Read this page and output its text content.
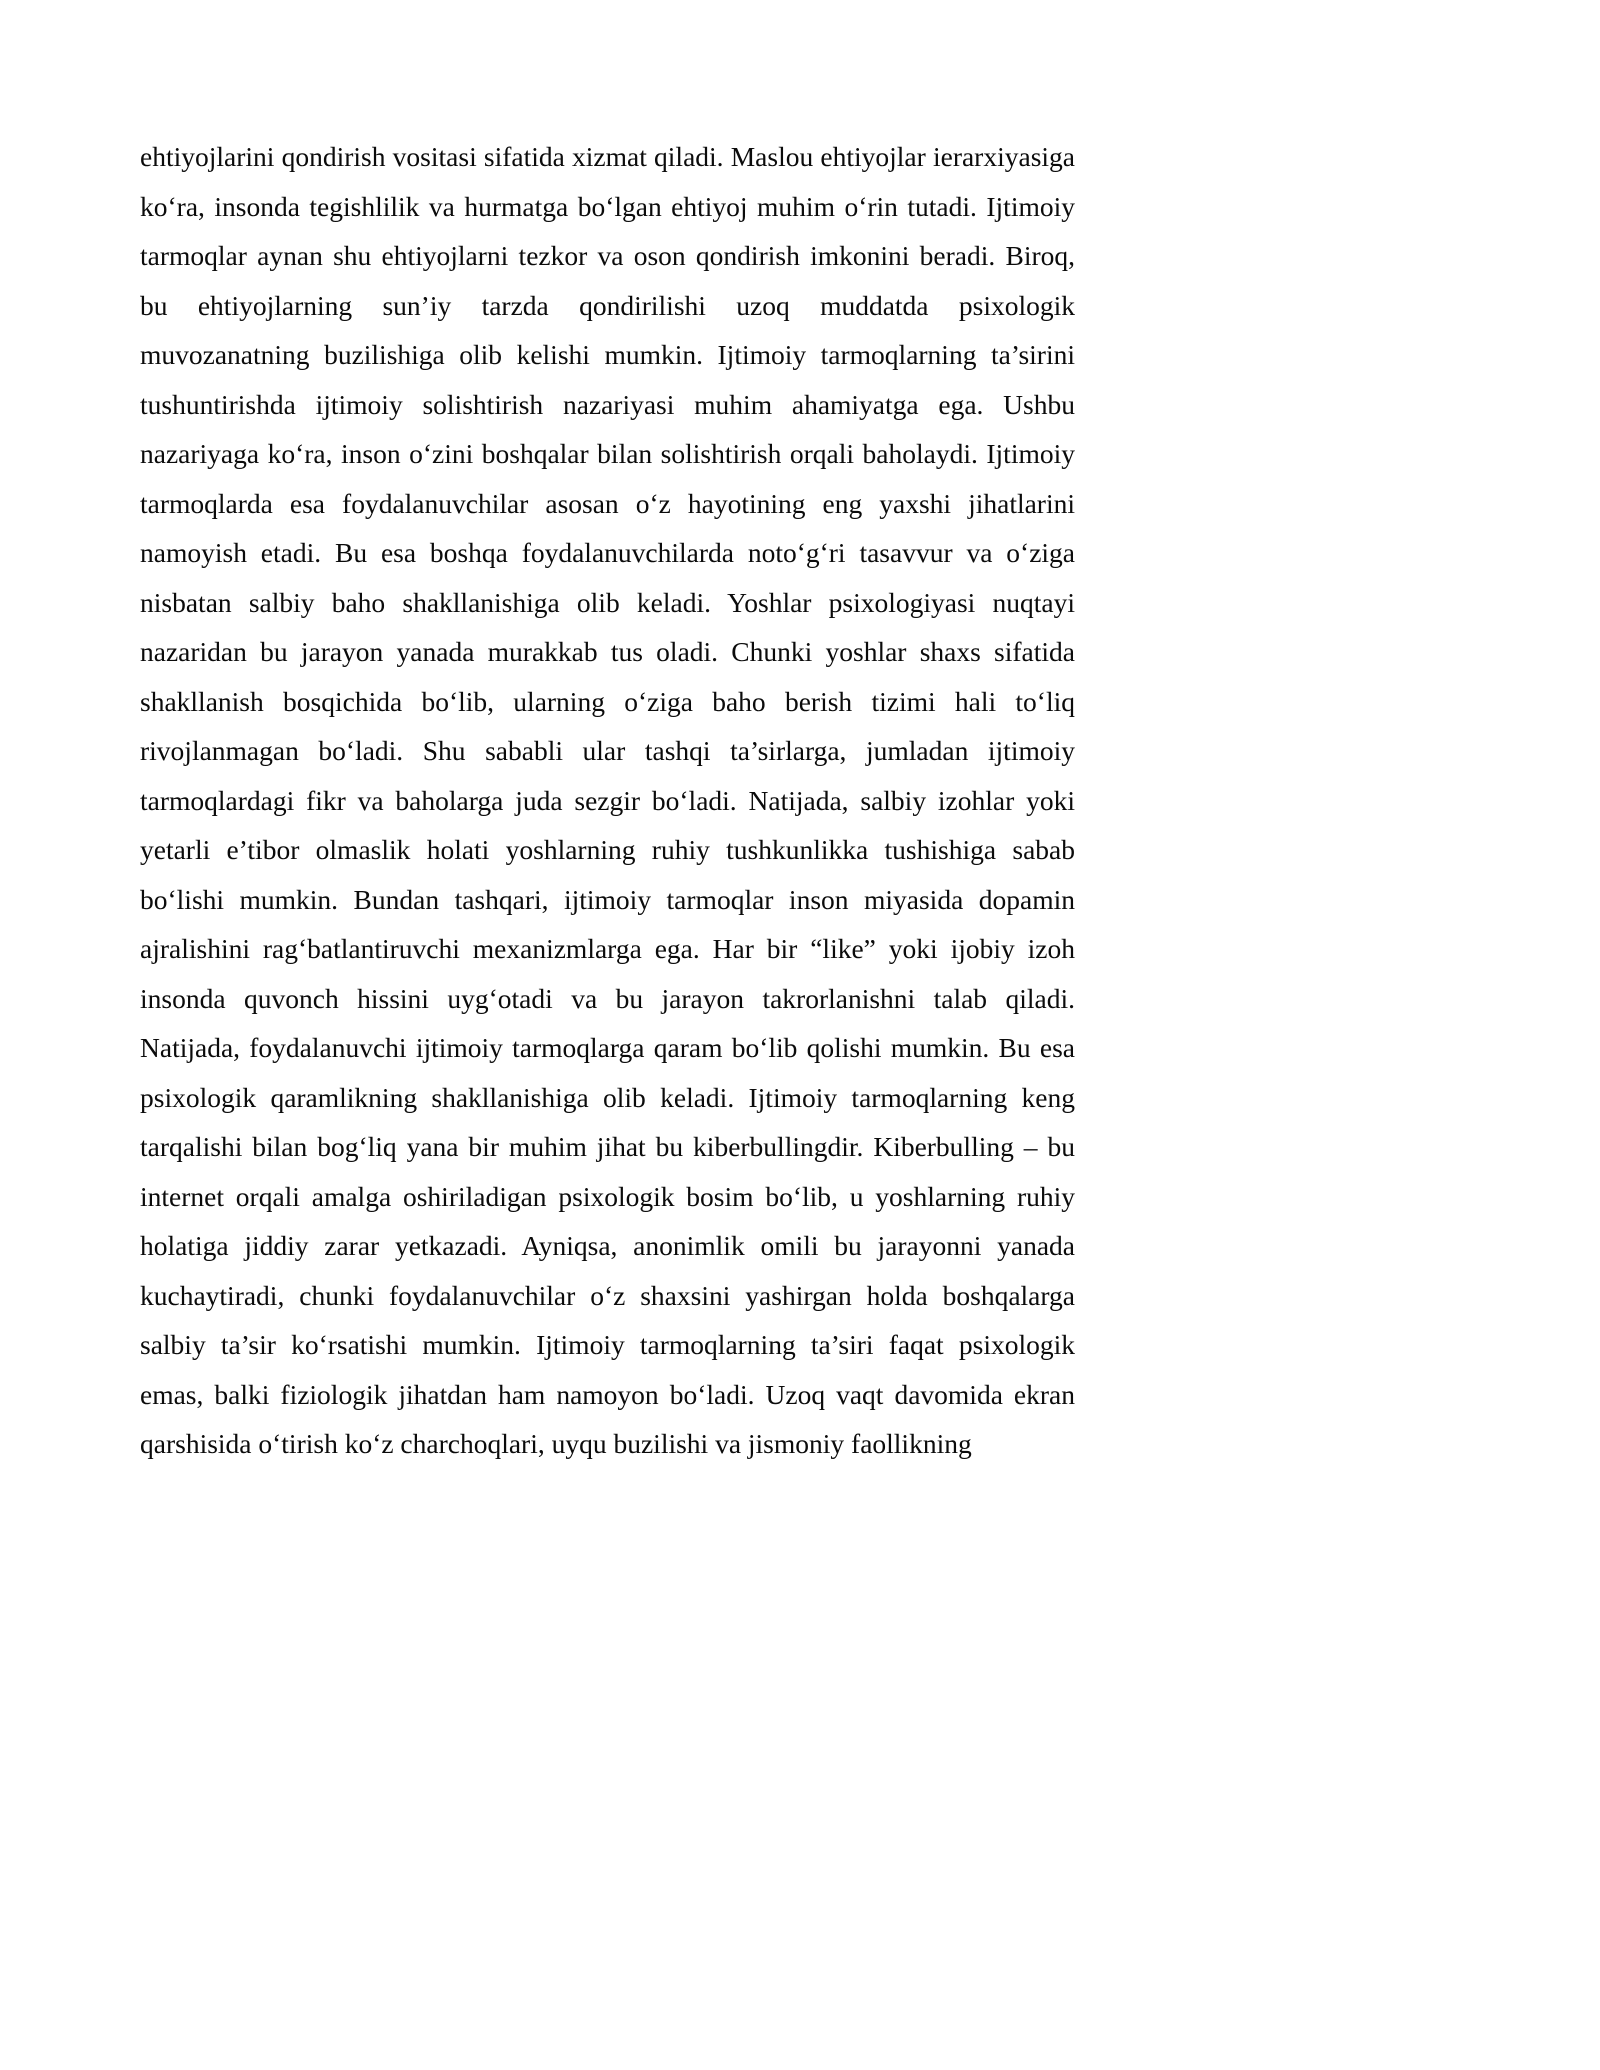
ehtiyojlarini qondirish vositasi sifatida xizmat qiladi. Maslou ehtiyojlar ierarxiyasiga ko‘ra, insonda tegishlilik va hurmatga bo‘lgan ehtiyoj muhim o‘rin tutadi. Ijtimoiy tarmoqlar aynan shu ehtiyojlarni tezkor va oson qondirish imkonini beradi. Biroq, bu ehtiyojlarning sun’iy tarzda qondirilishi uzoq muddatda psixologik muvozanatning buzilishiga olib kelishi mumkin. Ijtimoiy tarmoqlarning ta’sirini tushuntirishda ijtimoiy solishtirish nazariyasi muhim ahamiyatga ega. Ushbu nazariyaga ko‘ra, inson o‘zini boshqalar bilan solishtirish orqali baholaydi. Ijtimoiy tarmoqlarda esa foydalanuvchilar asosan o‘z hayotining eng yaxshi jihatlarini namoyish etadi. Bu esa boshqa foydalanuvchilarda noto‘g‘ri tasavvur va o‘ziga nisbatan salbiy baho shakllanishiga olib keladi. Yoshlar psixologiyasi nuqtayi nazaridan bu jarayon yanada murakkab tus oladi. Chunki yoshlar shaxs sifatida shakllanish bosqichida bo‘lib, ularning o‘ziga baho berish tizimi hali to‘liq rivojlanmagan bo‘ladi. Shu sababli ular tashqi ta’sirlarga, jumladan ijtimoiy tarmoqlardagi fikr va baholarga juda sezgir bo‘ladi. Natijada, salbiy izohlar yoki yetarli e’tibor olmaslik holati yoshlarning ruhiy tushkunlikka tushishiga sabab bo‘lishi mumkin. Bundan tashqari, ijtimoiy tarmoqlar inson miyasida dopamin ajralishini rag‘batlantiruvchi mexanizmlarga ega. Har bir “like” yoki ijobiy izoh insonda quvonch hissini uyg‘otadi va bu jarayon takrorlanishni talab qiladi. Natijada, foydalanuvchi ijtimoiy tarmoqlarga qaram bo‘lib qolishi mumkin. Bu esa psixologik qaramlikning shakllanishiga olib keladi. Ijtimoiy tarmoqlarning keng tarqalishi bilan bog‘liq yana bir muhim jihat bu kiberbullingdir. Kiberbulling – bu internet orqali amalga oshiriladigan psixologik bosim bo‘lib, u yoshlarning ruhiy holatiga jiddiy zarar yetkazadi. Ayniqsa, anonimlik omili bu jarayonni yanada kuchaytiradi, chunki foydalanuvchilar o‘z shaxsini yashirgan holda boshqalarga salbiy ta’sir ko‘rsatishi mumkin. Ijtimoiy tarmoqlarning ta’siri faqat psixologik emas, balki fiziologik jihatdan ham namoyon bo‘ladi. Uzoq vaqt davomida ekran qarshisida o‘tirish ko‘z charchoqlari, uyqu buzilishi va jismoniy faollikning
